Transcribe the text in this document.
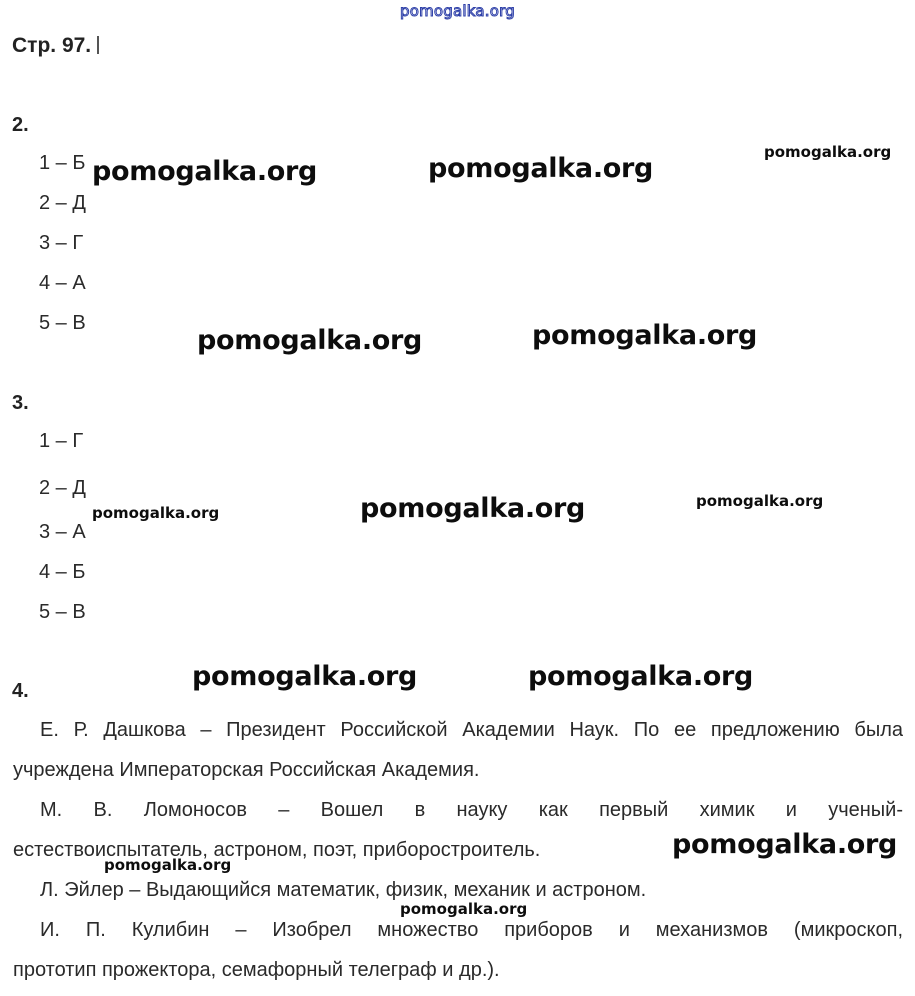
pomogalka.org
Стр. 97.
2.
1 – Б
2 – Д
3 – Г
4 – А
5 – В
3.
1 – Г
2 – Д
3 – А
4 – Б
5 – В
4.

Е. Р. Дашкова – Президент Российской Академии Наук. По ее предложению была

учреждена Императорская Российская Академия.

М. В. Ломоносов – Вошел в науку как первый химик и ученый-

естествоиспытатель, астроном, поэт, приборостроитель.

Л. Эйлер – Выдающийся математик, физик, механик и астроном.

И. П. Кулибин – Изобрел множество приборов и механизмов (микроскоп,

прототип прожектора, семафорный телеграф и др.).

pomogalka.org	pomogalka.org
pomogalka.org
pomogalka.org	pomogalka.org
pomogalka.org	pomogalka.org	pomogalka.org
pomogalka.org	pomogalka.org
pomogalka.org
pomogalka.org
pomogalka.org
